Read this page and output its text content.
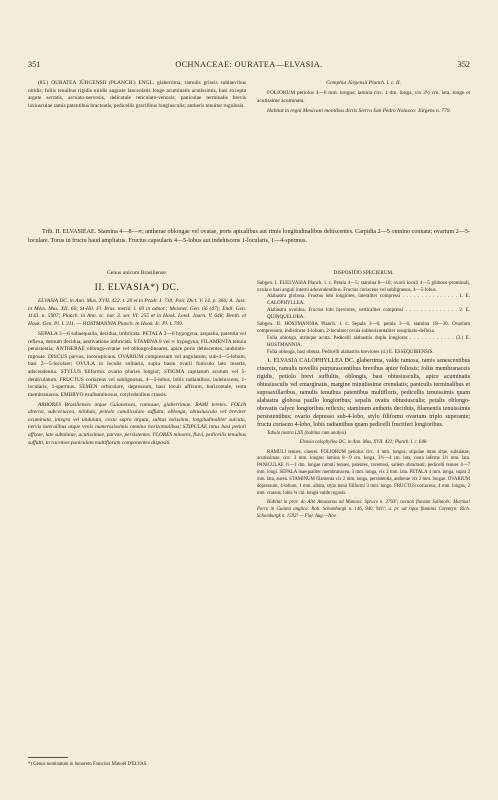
351	OCHNACEAE: OURATEA—ELVASIA.	352

(85.) OURATEA JÜRGENSII (PLANCH.) ENGL. glaberrima, ramulis griseis sublaevibus nitidis; foliis tenuibus rigidis nitidis anguste lanceolatis longe acuminatis acutissimis, basi excepta argute serratis, arcuato-nervosis, delicatule reticulato-venosis; paniculae terminalis brevis laxiusculae ramis patentibus bracteatis, pedicellis gracilibus longiusculis; antheris tenuiter rugulosis.

Gomphia Jürgensii Planch. l. c. II.

FOLIORUM petiolus 4—6 mm. longus; lamina circ. 1 dm. longa, vix 2½ cm. lata, longe et acutissime acuminata.

Habitat in regni Mexicani montibus dictis Sierra San Pedro Nolasco: Jürgens n. 779.

Trib. II. ELVASIEAE. Stamina 4—8—∞; antherae oblongae vel ovatae, poris apicalibus aut rimis longitudinalibus dehiscentes. Carpidia 2—5 omnino connata; ovarium 2—5-loculare. Torus in fructu haud ampliatus. Fructus capsularis 4—5-lobus aut indehiscens 1-locularis, 1—4-spermus.
Genus unicum Brasiliense:
II. ELVASIA*) DC.

ELVASIA DC. in Ann. Mus. XVII. 422. t. 20 et in Prodr. I. 738; Poir. Dict. V. 14. p. 366; A. Juss. in Mém. Mus. XII. 60; St-Hil. Fl. Bras. merid. I. 69 in adnot.; Meisner. Gen. 66 (47); Endl. Gen. 1143. n. 5907; Planch. in Ann. sc. nat. 3. ser. VI. 255 et in Hook. Lond. Journ. V. 648; Benth. et Hook. Gen. Pl. I. 311. — HOSTMANNIA Planch. in Hook. Ic. Pl. t. 709.

SEPALA 3—6 subaequalia, decidua, imbricata. PETALA 3—6 hypogyna, aequalia, patentia vel reflexa, demum decidua, aestivatione imbricata. STAMINA 8 vel ∞ hypogyna; FILAMENTA tenuia persistentia; ANTHERAE oblongo-ovatae vel oblongo-lineares, apice poris dehiscentes, undulato-rugosae. DISCUS parvus, inconspicuus. OVARIUM compressum vel angulatum, sub-4—5-lobum, basi 2—5-loculare; OVULA in loculis solitaria, supra basin ovarii funiculo lato inserta, adscendentia. STYLUS filiformis ovario pluries longior; STIGMA capitatum acutum vel 5-denticulatum. FRUCTUS coriaceus vel sublignosus, 4—5-lobus, lobis radiantibus, indehiscens, 1-locularis, 1-spermus. SEMEN orbiculare, depressum, basi loculi affixum, horizontale, testa membranacea. EMBRYO exalbuminosus, cotyledonibus crassis.

ARBORES Brasilienses atque Guianenses, ramosae, glaberrimae. RAMI teretes. FOLIA alterna, subcoriacea, nitidula, petiolo canaliculato suffulta, oblonga, obtusiuscula vel breviter acuminata, integra vel undulata, costa supra arguta, subtus latissima, longitudinaliter sulcata, nervis lateralibus atque venis numerosissimis omnino horizontalibus; STIPULAE intus basi petioli affixae, late subulatae, acutissimae, parvae, persistentes. FLORES minores, flavi, pedicellis tenuibus suffulti, in racemos paniculam multifloram componentes dispositi.

DISPOSITIO SPECIERUM.

Subgen. I. EUELVASIA Planch. l. c. Petala 4—5; stamina 8—10; ovarii loculi 4—5 gibboso-prominuli, ovula e basi anguli interni adscendentibus. Fructus coriaceus vel sublignosus, 4—5-lobus.

Alabastra globosa. Fructus lobi longiores, lateraliter compressi . . . . . . . . . . . . . . . 1. E. CALOPHYLLEA.

Alabastra ovoidea. Fructus lobi breviores, verticaliter compressi . . . . . . . . . . . . . . 2. E. QUINQUELOBA.

Subgen. II. HOSTMANNIA Planch. l. c. Sepala 3—6; petala 3—6; stamina 18—30. Ovarium compressum, indistincte 4-lobum, 2-loculare; ovula subhorizontaliter resupinato-deflexa.

Folia oblonga, utrinque acuta. Pedicelli alabastris duplo longiores . . . . . . . . . . . . (3.) E. HOSTMANNIA.

Folia oblonga, basi obtusa. Pedicelli alabastris breviores (4.) E. ESSEQUIBENSIS.

1. ELVASIA CALOPHYLLEA DC. glaberrima, valde ramosa, ramis senescentibus cinereis, ramulis novellis purpurascentibus brevibus apice foliosis; foliis membranaceis rigidis, petiolo brevi suffultis, oblongis, basi obtusiusculis, apice acuminatis obtusiusculis vel emarginatis, margine minutissime crenulatis; paniculis terminalibus et supraaxillaribus, ramulis tenuibus patentibus multifloris, pedicellis tenuissimis quam alabastra globosa paullo longioribus; sepalis ovatis obtusiusculis; petalis oblongo-obovatis calyce longioribus reflexis; staminum antheris deciduis, filamentis tenuissimis persistentibus; ovario depresso sub-4-lobo, stylo filiformi ovarium triplo superante; fructu coriaceo 4-lobo, lobis radiantibus quam pedicelli fructiferi longioribus.

Tabula nostra LXX (habitus cum analysi).

Elvasia calophyllea DC. in Ann. Mus. XVII. 422; Planch. l. c. 648.

RAMULI tenues, cinerei. FOLIORUM petiolus circ. 4 mm. longus; stipulae intus sitae, subulatae, acutissimae, circ. 3 mm. longae; lamina 8—9 cm. longa, 3½—4 cm. lata, costa inferne 1½ mm. lata. PANICULAE ½—1 dm. longae ramuli tenues, patentes, racemosi, saltem obracteati; pedicelli tenues 4—7 mm. longi. SEPALA inaequaliter membranacea, 3 mm. longa, vix 2 mm. lata. PETALA 4 mm. longa, supra 2 mm. lata, aurea. STAMINUM filamenta vix 2 mm. longa, persistentia, antherae vix 2 mm. longae. OVARIUM depressum, 4-lobum, 1 mm. altum, stylo tenui filiformi 3 mm. longo. FRUCTUS coriaceus, 4 mm. longus, 2 mm. crassus, lobis ¾ cm. longis valde rugosis.

Habitat in prov. do Alto Amazonas ad Manaos: Spruce n. 2793!; necnon fluvium Solimoês: Martius! Porro in Guiana anglica: Rob. Schomburgk n. 146, 940, 941!; a. pr. ad ripas fluminis Corentyn: Rich. Schomburgk n. 1592! — Flor. Aug.—Nov.

*) Genus nominatum in honorem Francisci Manoël D'ELVAS.
